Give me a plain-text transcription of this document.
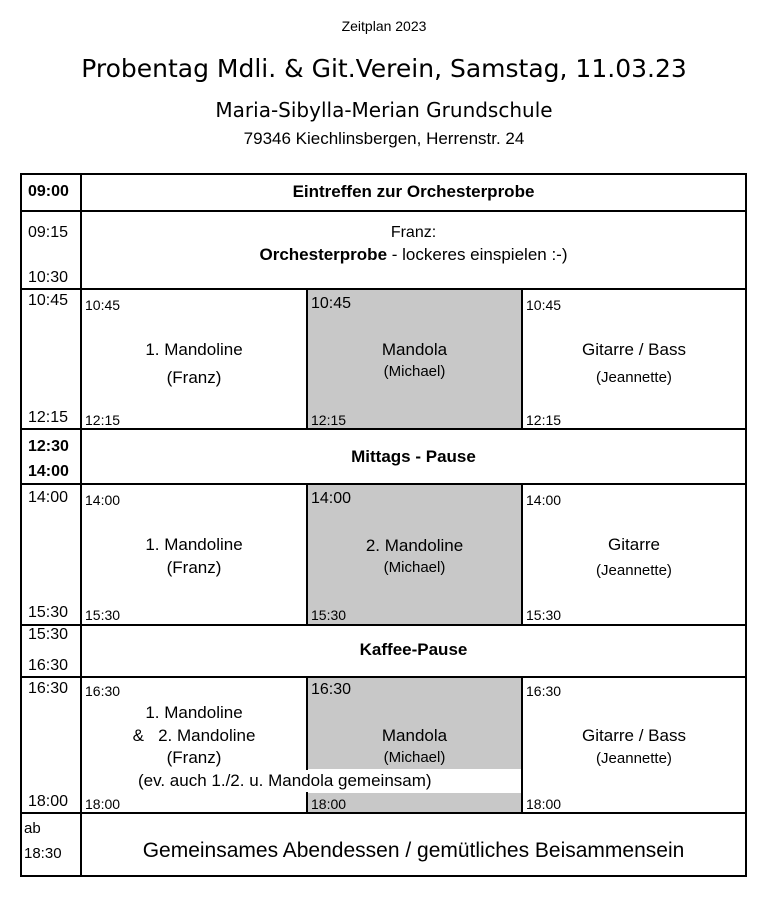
Zeitplan 2023
Probentag Mdli. & Git.Verein, Samstag, 11.03.23
Maria-Sibylla-Merian Grundschule
79346 Kiechlinsbergen, Herrenstr. 24
09:00	Eintreffen zur Orchesterprobe
09:15
10:30
Franz:
Orchesterprobe - lockeres einspielen :-)
10:45
12:15
10:45
12:15
1. Mandoline
(Franz)
10:45
12:15
Mandola
(Michael)
10:45
12:15
Gitarre / Bass
(Jeannette)
12:30
14:00
Mittags - Pause
14:00
15:30
14:00
15:30
1. Mandoline
(Franz)
14:00
15:30
2. Mandoline
(Michael)
14:00
15:30
Gitarre
(Jeannette)
15:30
16:30
Kaffee-Pause
16:30
18:00
16:30
18:00
1. Mandoline
&   2. Mandoline
(Franz)
16:30
18:00
Mandola
(Michael)
16:30
18:00
Gitarre / Bass
(Jeannette)
(ev. auch 1./2. u. Mandola gemeinsam)
ab
18:30	Gemeinsames Abendessen / gemütliches Beisammensein
